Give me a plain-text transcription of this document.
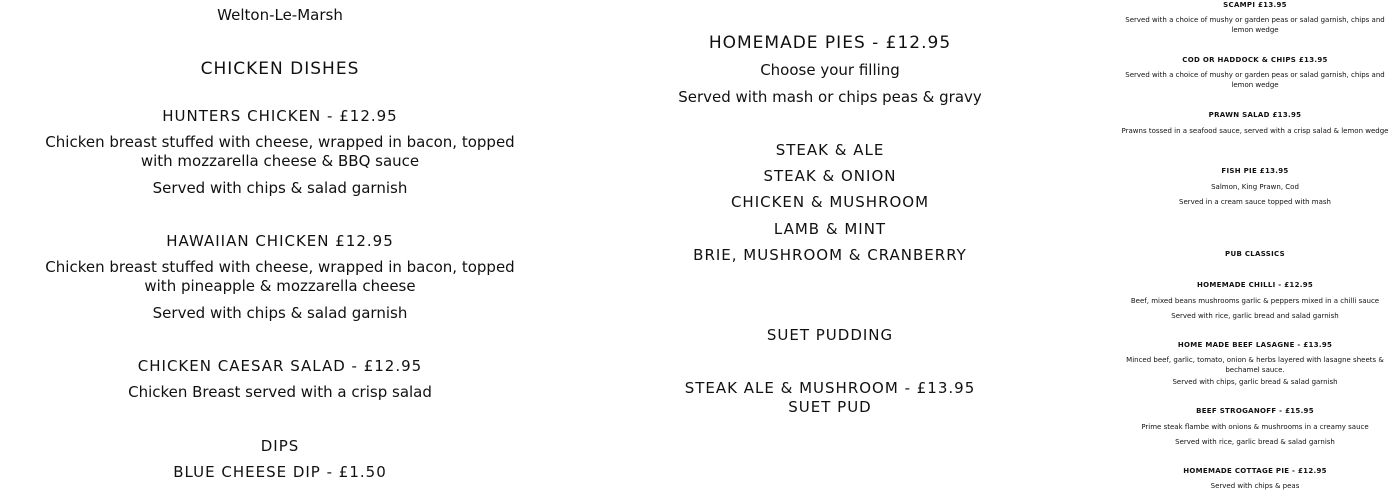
Welton-Le-Marsh
CHICKEN DISHES
HUNTERS CHICKEN - £12.95
Chicken breast stuffed with cheese, wrapped in bacon, topped with mozzarella cheese & BBQ sauce
Served with chips & salad garnish
HAWAIIAN CHICKEN £12.95
Chicken breast stuffed with cheese, wrapped in bacon, topped with pineapple & mozzarella cheese
Served with chips & salad garnish
CHICKEN CAESAR SALAD - £12.95
Chicken Breast served with a crisp salad
DIPS
BLUE CHEESE DIP - £1.50
HOMEMADE PIES - £12.95
Choose your filling
Served with mash or chips peas & gravy
STEAK & ALE
STEAK & ONION
CHICKEN & MUSHROOM
LAMB & MINT
BRIE, MUSHROOM & CRANBERRY
SUET PUDDING
STEAK ALE & MUSHROOM - £13.95
SUET PUD
SCAMPI £13.95
Served with a choice of mushy or garden peas or salad garnish, chips and lemon wedge
COD OR HADDOCK & CHIPS £13.95
Served with a choice of mushy or garden peas or salad garnish, chips and lemon wedge
PRAWN SALAD £13.95
Prawns tossed in a seafood sauce, served with a crisp salad & lemon wedge
FISH PIE £13.95
Salmon, King Prawn, Cod
Served in a cream sauce topped with mash
PUB CLASSICS
HOMEMADE CHILLI - £12.95
Beef, mixed beans mushrooms garlic & peppers mixed in a chilli sauce
Served with rice, garlic bread and salad garnish
HOME MADE BEEF LASAGNE - £13.95
Minced beef, garlic, tomato, onion & herbs layered with lasagne sheets & bechamel sauce.
Served with chips, garlic bread & salad garnish
BEEF STROGANOFF - £15.95
Prime steak flambe with onions & mushrooms in a creamy sauce
Served with rice, garlic bread & salad garnish
HOMEMADE COTTAGE PIE - £12.95
Served with chips & peas
